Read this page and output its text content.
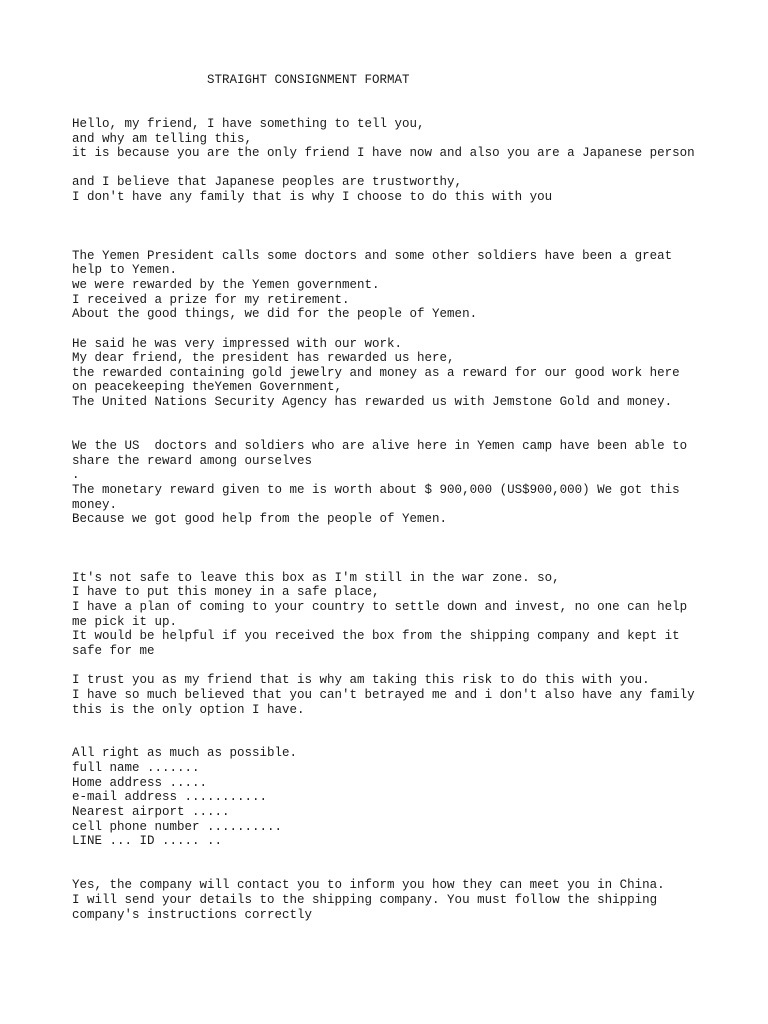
STRAIGHT CONSIGNMENT FORMAT

Hello, my friend, I have something to tell you,
and why am telling this,
it is because you are the only friend I have now and also you are a Japanese person

and I believe that Japanese peoples are trustworthy,
I don't have any family that is why I choose to do this with you

The Yemen President calls some doctors and some other soldiers have been a great
help to Yemen.
we were rewarded by the Yemen government.
I received a prize for my retirement.
About the good things, we did for the people of Yemen.

He said he was very impressed with our work.
My dear friend, the president has rewarded us here,
the rewarded containing gold jewelry and money as a reward for our good work here
on peacekeeping theYemen Government,
The United Nations Security Agency has rewarded us with Jemstone Gold and money.

We the US  doctors and soldiers who are alive here in Yemen camp have been able to
share the reward among ourselves
.
The monetary reward given to me is worth about $ 900,000 (US$900,000) We got this
money.
Because we got good help from the people of Yemen.

It's not safe to leave this box as I'm still in the war zone. so,
I have to put this money in a safe place,
I have a plan of coming to your country to settle down and invest, no one can help
me pick it up.
It would be helpful if you received the box from the shipping company and kept it
safe for me

I trust you as my friend that is why am taking this risk to do this with you.
I have so much believed that you can't betrayed me and i don't also have any family
this is the only option I have.

All right as much as possible.
full name .......
Home address .....
e-mail address ...........
Nearest airport .....
cell phone number ..........
LINE ... ID ..... ..

Yes, the company will contact you to inform you how they can meet you in China.
I will send your details to the shipping company. You must follow the shipping
company's instructions correctly
